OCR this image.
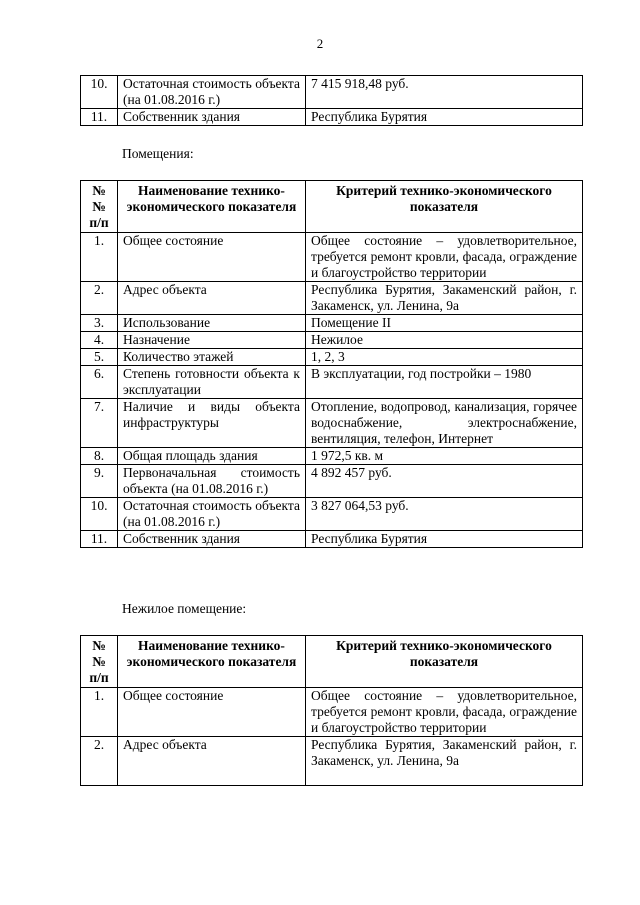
2
10.	Остаточная стоимость объекта (на 01.08.2016 г.)	7 415 918,48 руб.
11.	Собственник здания	Республика Бурятия
Помещения:
№№ п/п	Наименование технико-экономического показателя	Критерий технико-экономического показателя
1.	Общее состояние	Общее состояние – удовлетворительное, требуется ремонт кровли, фасада, ограждение и благоустройство территории
2.	Адрес объекта	Республика Бурятия, Закаменский район, г. Закаменск, ул. Ленина, 9а
3.	Использование	Помещение II
4.	Назначение	Нежилое
5.	Количество этажей	1, 2, 3
6.	Степень готовности объекта к эксплуатации	В эксплуатации, год постройки – 1980
7.	Наличие и виды объекта инфраструктуры	Отопление, водопровод, канализация, горячее водоснабжение, электроснабжение, вентиляция, телефон, Интернет
8.	Общая площадь здания	1 972,5 кв. м
9.	Первоначальная стоимость объекта (на 01.08.2016 г.)	4 892 457 руб.
10.	Остаточная стоимость объекта (на 01.08.2016 г.)	3 827 064,53 руб.
11.	Собственник здания	Республика Бурятия
Нежилое помещение:
№№ п/п	Наименование технико-экономического показателя	Критерий технико-экономического показателя
1.	Общее состояние	Общее состояние – удовлетворительное, требуется ремонт кровли, фасада, ограждение и благоустройство территории
2.	Адрес объекта	Республика Бурятия, Закаменский район, г. Закаменск, ул. Ленина, 9а
